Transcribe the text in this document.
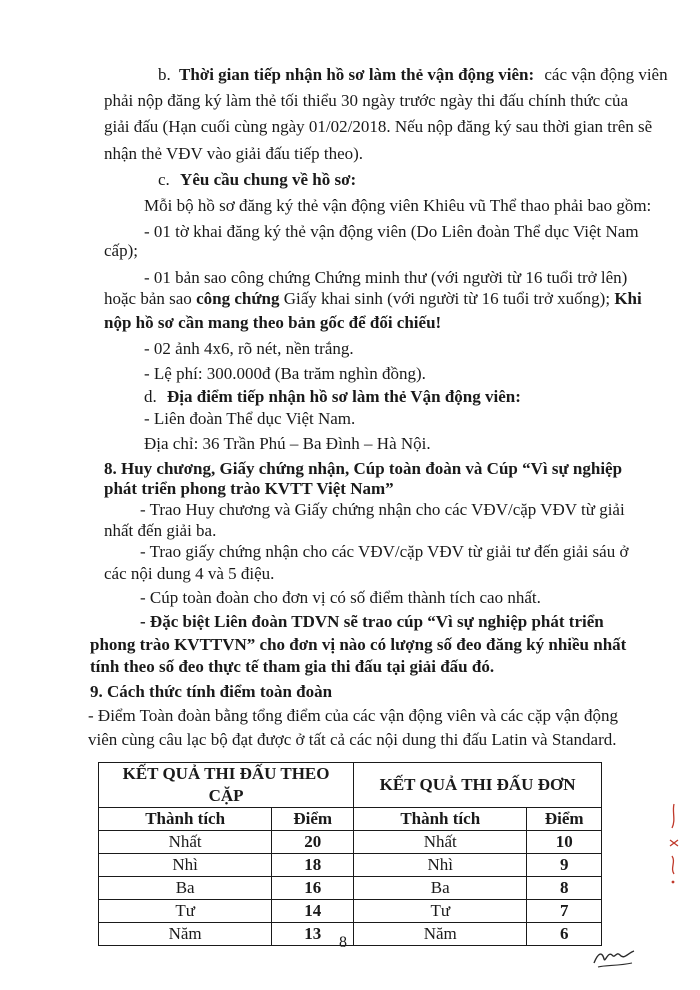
b. Thời gian tiếp nhận hồ sơ làm thẻ vận động viên: các vận động viên
phải nộp đăng ký làm thẻ tối thiểu 30 ngày trước ngày thi đấu chính thức của
giải đấu (Hạn cuối cùng ngày 01/02/2018. Nếu nộp đăng ký sau thời gian trên sẽ
nhận thẻ VĐV vào giải đấu tiếp theo).
c. Yêu cầu chung về hồ sơ:
Mỗi bộ hồ sơ đăng ký thẻ vận động viên Khiêu vũ Thể thao phải bao gồm:
- 01 tờ khai đăng ký thẻ vận động viên (Do Liên đoàn Thể dục Việt Nam
cấp);
- 01 bản sao công chứng Chứng minh thư (với người từ 16 tuổi trở lên)
hoặc bản sao công chứng Giấy khai sinh (với người từ 16 tuổi trở xuống); Khi
nộp hồ sơ cần mang theo bản gốc để đối chiếu!
- 02 ảnh 4x6, rõ nét, nền trắng.
- Lệ phí: 300.000đ (Ba trăm nghìn đồng).
d. Địa điểm tiếp nhận hồ sơ làm thẻ Vận động viên:
- Liên đoàn Thể dục Việt Nam.
Địa chỉ: 36 Trần Phú – Ba Đình – Hà Nội.
8. Huy chương, Giấy chứng nhận, Cúp toàn đoàn và Cúp “Vì sự nghiệp
phát triển phong trào KVTT Việt Nam”
- Trao Huy chương và Giấy chứng nhận cho các VĐV/cặp VĐV từ giải
nhất đến giải ba.
- Trao giấy chứng nhận cho các VĐV/cặp VĐV từ giải tư đến giải sáu ở
các nội dung 4 và 5 điệu.
- Cúp toàn đoàn cho đơn vị có số điểm thành tích cao nhất.
- Đặc biệt Liên đoàn TDVN sẽ trao cúp “Vì sự nghiệp phát triển
phong trào KVTTVN” cho đơn vị nào có lượng số đeo đăng ký nhiều nhất
tính theo số đeo thực tế tham gia thi đấu tại giải đấu đó.
9. Cách thức tính điểm toàn đoàn
- Điểm Toàn đoàn bằng tổng điểm của các vận động viên và các cặp vận động
viên cùng câu lạc bộ đạt được ở tất cả các nội dung thi đấu Latin và Standard.
KẾT QUẢ THI ĐẤU THEO CẶP		KẾT QUẢ THI ĐẤU ĐƠN	
Thành tích	Điểm	Thành tích	Điểm
Nhất	20	Nhất	10
Nhì	18	Nhì	9
Ba	16	Ba	8
Tư	14	Tư	7
Năm	13	Năm	6
8
